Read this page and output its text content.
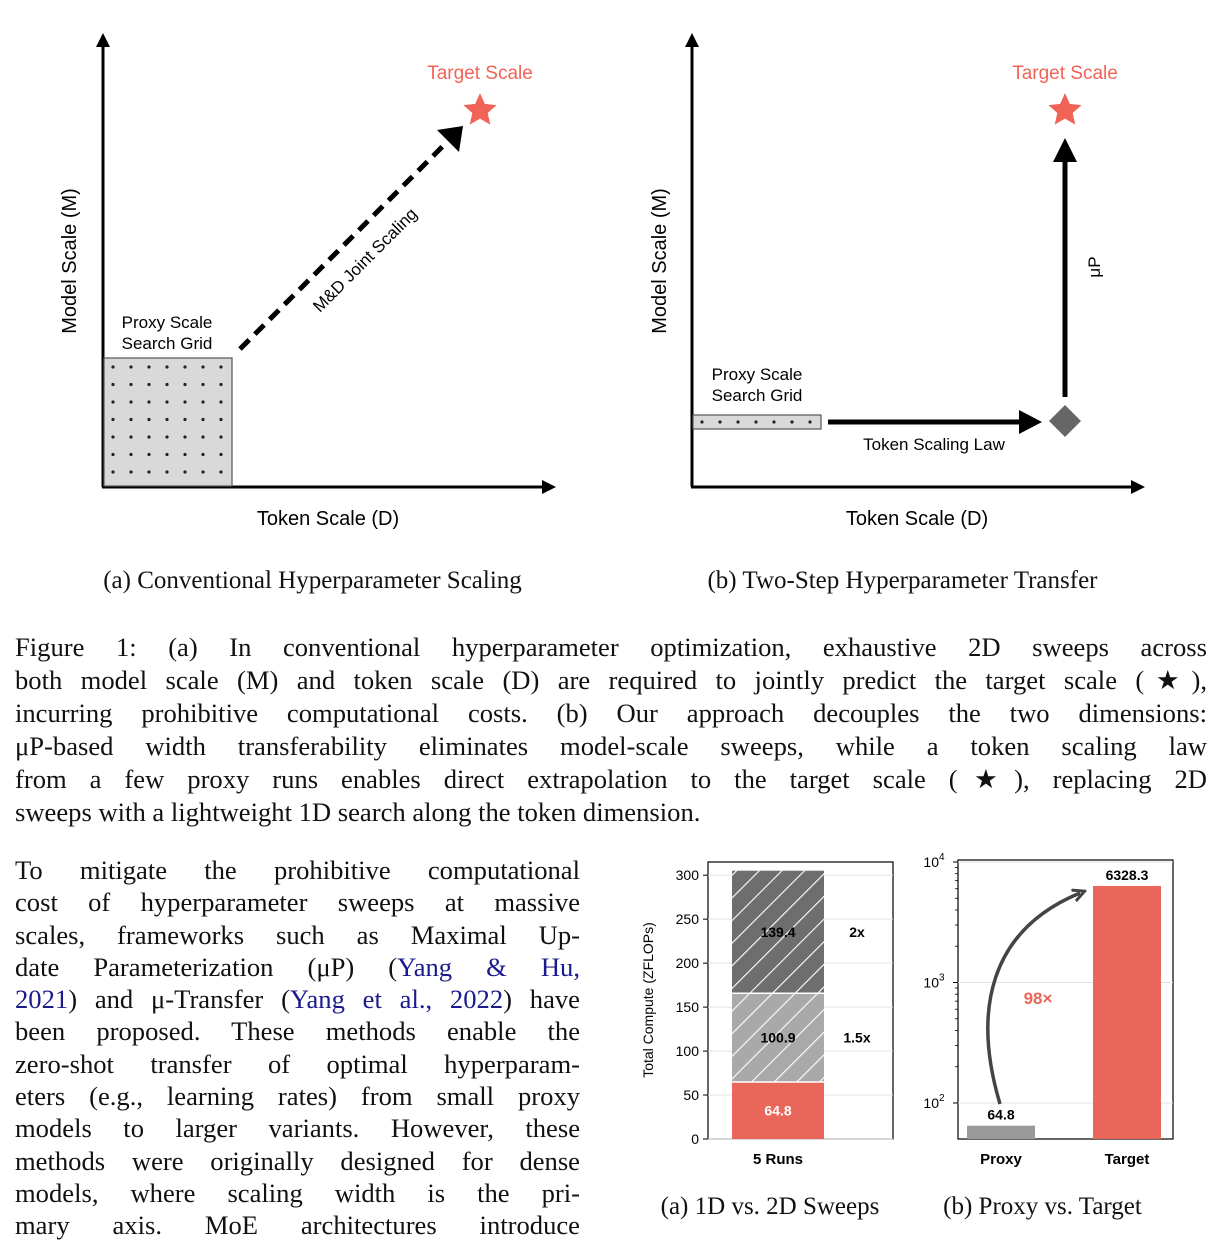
Proxy Scale
Search Grid
M&D Joint Scaling
Target Scale
Model Scale (M)
Token Scale (D)
(a) Conventional Hyperparameter Scaling
Proxy Scale
Search Grid
Token Scaling Law
μP
Target Scale
Model Scale (M)
Token Scale (D)
(b) Two-Step Hyperparameter Transfer
Figure 1: (a) In conventional hyperparameter optimization, exhaustive 2D sweeps across
both model scale (M) and token scale (D) are required to jointly predict the target scale (★),
incurring prohibitive computational costs. (b) Our approach decouples the two dimensions:
μP-based width transferability eliminates model-scale sweeps, while a token scaling law
from a few proxy runs enables direct extrapolation to the target scale (★), replacing 2D
sweeps with a lightweight 1D search along the token dimension.
To mitigate the prohibitive computational
cost of hyperparameter sweeps at massive
scales, frameworks such as Maximal Up-
date Parameterization (μP) (Yang & Hu,
2021) and μ-Transfer (Yang et al., 2022) have
been proposed. These methods enable the
zero-shot transfer of optimal hyperparam-
eters (e.g., learning rates) from small proxy
models to larger variants. However, these
methods were originally designed for dense
models, where scaling width is the pri-
mary axis. MoE architectures introduce
0
50
100
150
200
250
300
64.8
100.9	1.5x
139.4	2x
5 Runs
Total Compute (ZFLOPs)
(a) 1D vs. 2D Sweeps
$10^2$
$10^3$
$10^4$
64.8
Proxy
6328.3
Target
98×
(b) Proxy vs. Target
